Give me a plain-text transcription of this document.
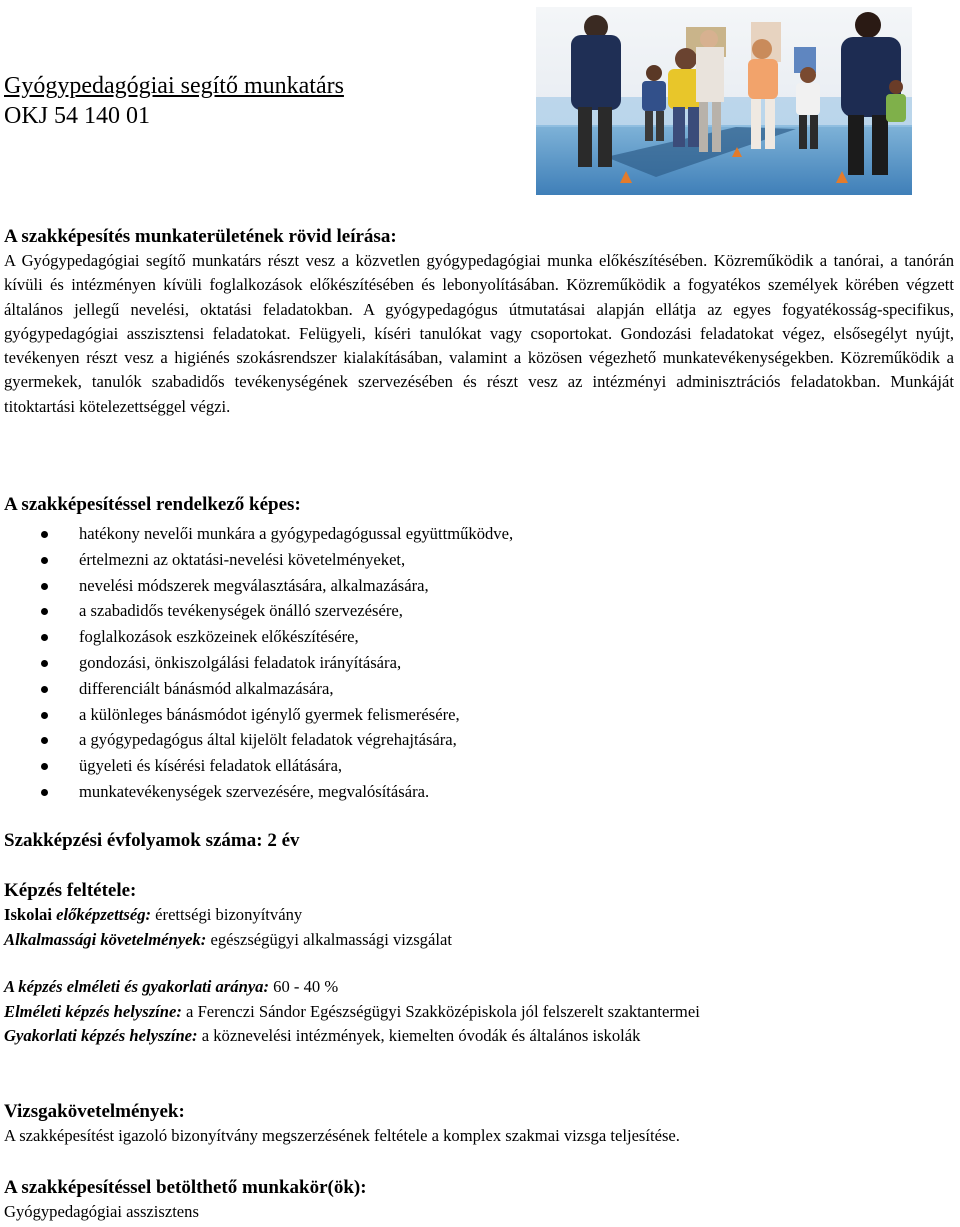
Gyógypedagógiai segítő munkatárs
OKJ 54 140 01
A szakképesítés munkaterületének rövid leírása:
A Gyógypedagógiai segítő munkatárs részt vesz a közvetlen gyógypedagógiai munka előkészítésében. Közreműködik a tanórai, a tanórán kívüli és intézményen kívüli foglalkozások előkészítésében és lebonyolításában. Közreműködik a fogyatékos személyek körében végzett általános jellegű nevelési, oktatási feladatokban. A gyógypedagógus útmutatásai alapján ellátja az egyes fogyatékosság-specifikus, gyógypedagógiai asszisztensi feladatokat. Felügyeli, kíséri tanulókat vagy csoportokat. Gondozási feladatokat végez, elsősegélyt nyújt, tevékenyen részt vesz a higiénés szokásrendszer kialakításában, valamint a közösen végezhető munkatevékenységekben. Közreműködik a gyermekek, tanulók szabadidős tevékenységének szervezésében és részt vesz az intézményi adminisztrációs feladatokban. Munkáját titoktartási kötelezettséggel végzi.
A szakképesítéssel rendelkező képes:
hatékony nevelői munkára a gyógypedagógussal együttműködve,
értelmezni az oktatási-nevelési követelményeket,
nevelési módszerek megválasztására, alkalmazására,
a szabadidős tevékenységek önálló szervezésére,
foglalkozások eszközeinek előkészítésére,
gondozási, önkiszolgálási feladatok irányítására,
differenciált bánásmód alkalmazására,
a különleges bánásmódot igénylő gyermek felismerésére,
a gyógypedagógus által kijelölt feladatok végrehajtására,
ügyeleti és kísérési feladatok ellátására,
munkatevékenységek szervezésére, megvalósítására.
Szakképzési évfolyamok száma: 2 év
Képzés feltétele:
Iskolai előképzettség: érettségi bizonyítvány
Alkalmassági követelmények: egészségügyi alkalmassági vizsgálat
A képzés elméleti és gyakorlati aránya: 60 - 40 %
Elméleti képzés helyszíne: a Ferenczi Sándor Egészségügyi Szakközépiskola jól felszerelt szaktantermei
Gyakorlati képzés helyszíne: a köznevelési intézmények, kiemelten óvodák és általános iskolák
Vizsgakövetelmények:
A szakképesítést igazoló bizonyítvány megszerzésének feltétele a komplex szakmai vizsga teljesítése.
A szakképesítéssel betölthető munkakör(ök):
Gyógypedagógiai asszisztens
